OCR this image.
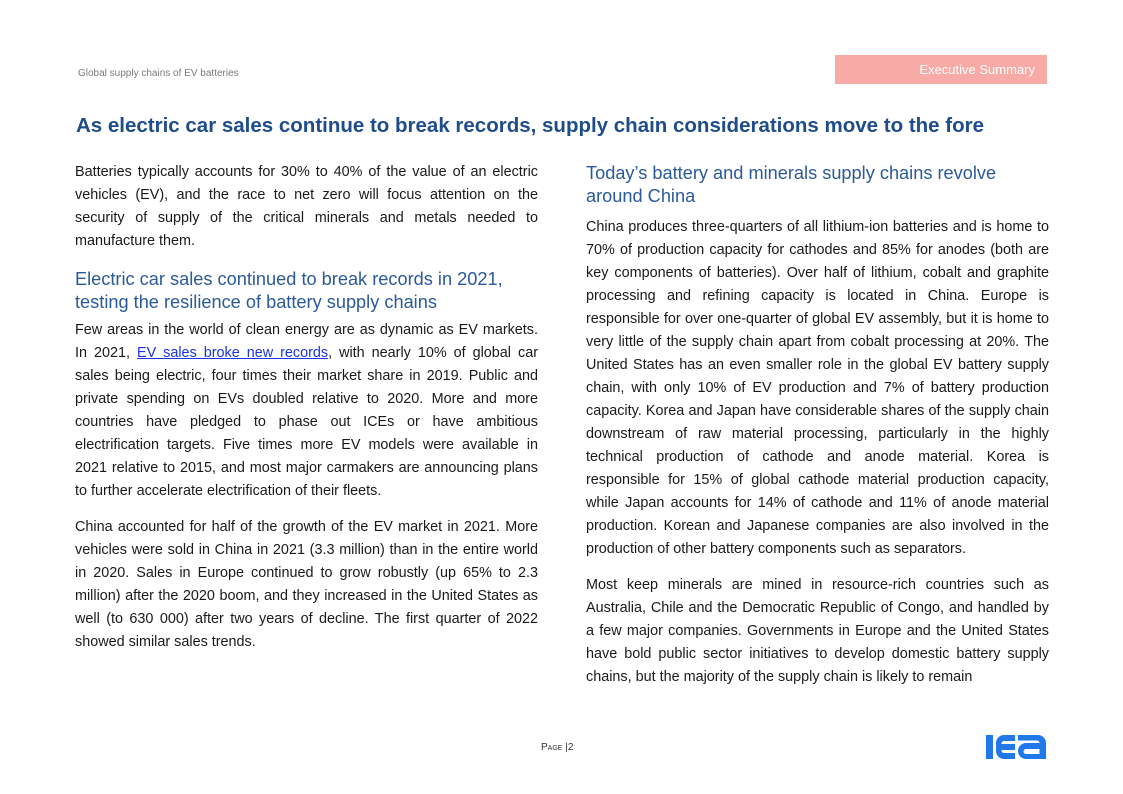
Global supply chains of EV batteries	Executive Summary
As electric car sales continue to break records, supply chain considerations move to the fore

Batteries typically accounts for 30% to 40% of the value of an electric vehicles (EV), and the race to net zero will focus attention on the security of supply of the critical minerals and metals needed to manufacture them.

Electric car sales continued to break records in 2021, testing the resilience of battery supply chains

Few areas in the world of clean energy are as dynamic as EV markets. In 2021, EV sales broke new records, with nearly 10% of global car sales being electric, four times their market share in 2019. Public and private spending on EVs doubled relative to 2020. More and more countries have pledged to phase out ICEs or have ambitious electrification targets. Five times more EV models were available in 2021 relative to 2015, and most major carmakers are announcing plans to further accelerate electrification of their fleets.

China accounted for half of the growth of the EV market in 2021. More vehicles were sold in China in 2021 (3.3 million) than in the entire world in 2020. Sales in Europe continued to grow robustly (up 65% to 2.3 million) after the 2020 boom, and they increased in the United States as well (to 630 000) after two years of decline. The first quarter of 2022 showed similar sales trends.

Today’s battery and minerals supply chains revolve around China

China produces three-quarters of all lithium-ion batteries and is home to 70% of production capacity for cathodes and 85% for anodes (both are key components of batteries). Over half of lithium, cobalt and graphite processing and refining capacity is located in China. Europe is responsible for over one-quarter of global EV assembly, but it is home to very little of the supply chain apart from cobalt processing at 20%. The United States has an even smaller role in the global EV battery supply chain, with only 10% of EV production and 7% of battery production capacity. Korea and Japan have considerable shares of the supply chain downstream of raw material processing, particularly in the highly technical production of cathode and anode material. Korea is responsible for 15% of global cathode material production capacity, while Japan accounts for 14% of cathode and 11% of anode material production. Korean and Japanese companies are also involved in the production of other battery components such as separators.

Most keep minerals are mined in resource-rich countries such as Australia, Chile and the Democratic Republic of Congo, and handled by a few major companies. Governments in Europe and the United States have bold public sector initiatives to develop domestic battery supply chains, but the majority of the supply chain is likely to remain

Page |2
